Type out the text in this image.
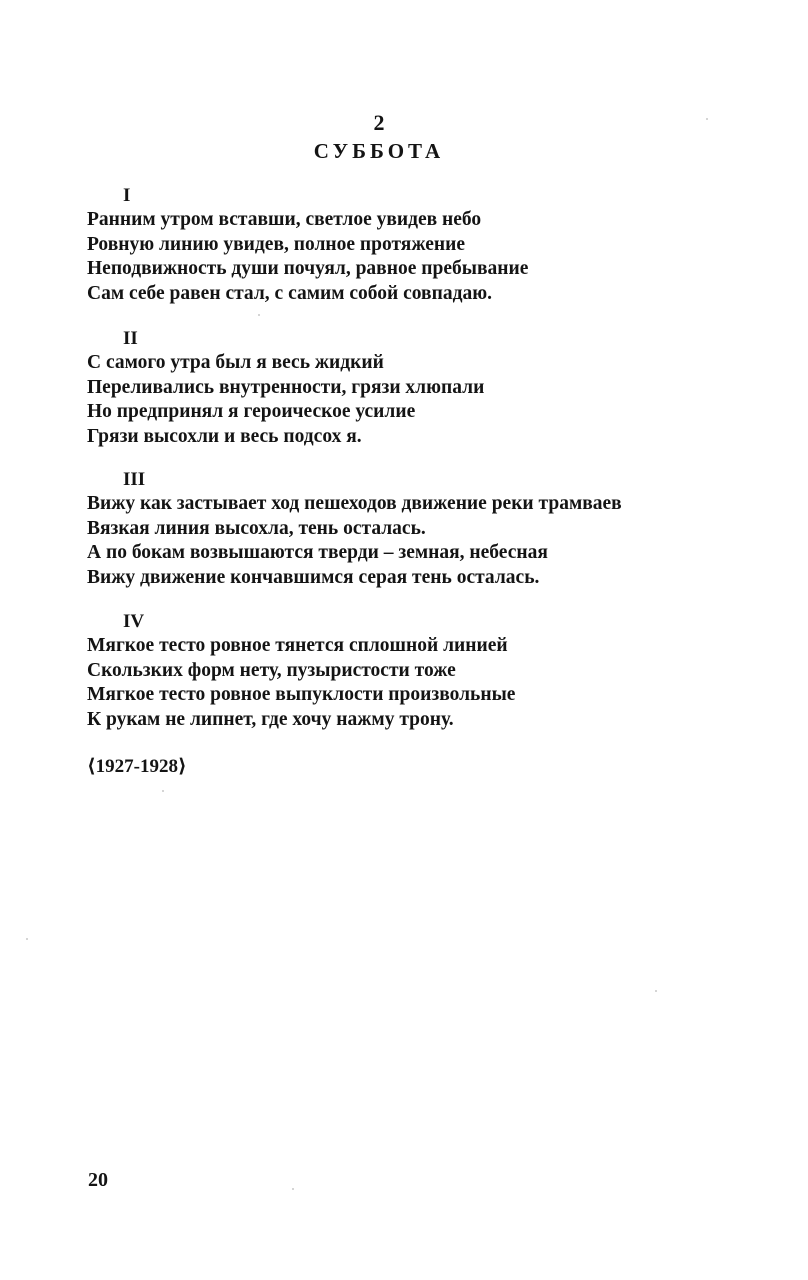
2
СУББОТА
I
Ранним утром вставши, светлое увидев небо
Ровную линию увидев, полное протяжение
Неподвижность души почуял, равное пребывание
Сам себе равен стал, с самим собой совпадаю.
II
С самого утра был я весь жидкий
Переливались внутренности, грязи хлюпали
Но предпринял я героическое усилие
Грязи высохли и весь подсох я.
III
Вижу как застывает ход пешеходов движение реки трамваев
Вязкая линия высохла, тень осталась.
А по бокам возвышаются тверди – земная, небесная
Вижу движение кончавшимся серая тень осталась.
IV
Мягкое тесто ровное тянется сплошной линией
Скользких форм нету, пузыристости тоже
Мягкое тесто ровное выпуклости произвольные
К рукам не липнет, где хочу нажму трону.
⟨1927-1928⟩
20
